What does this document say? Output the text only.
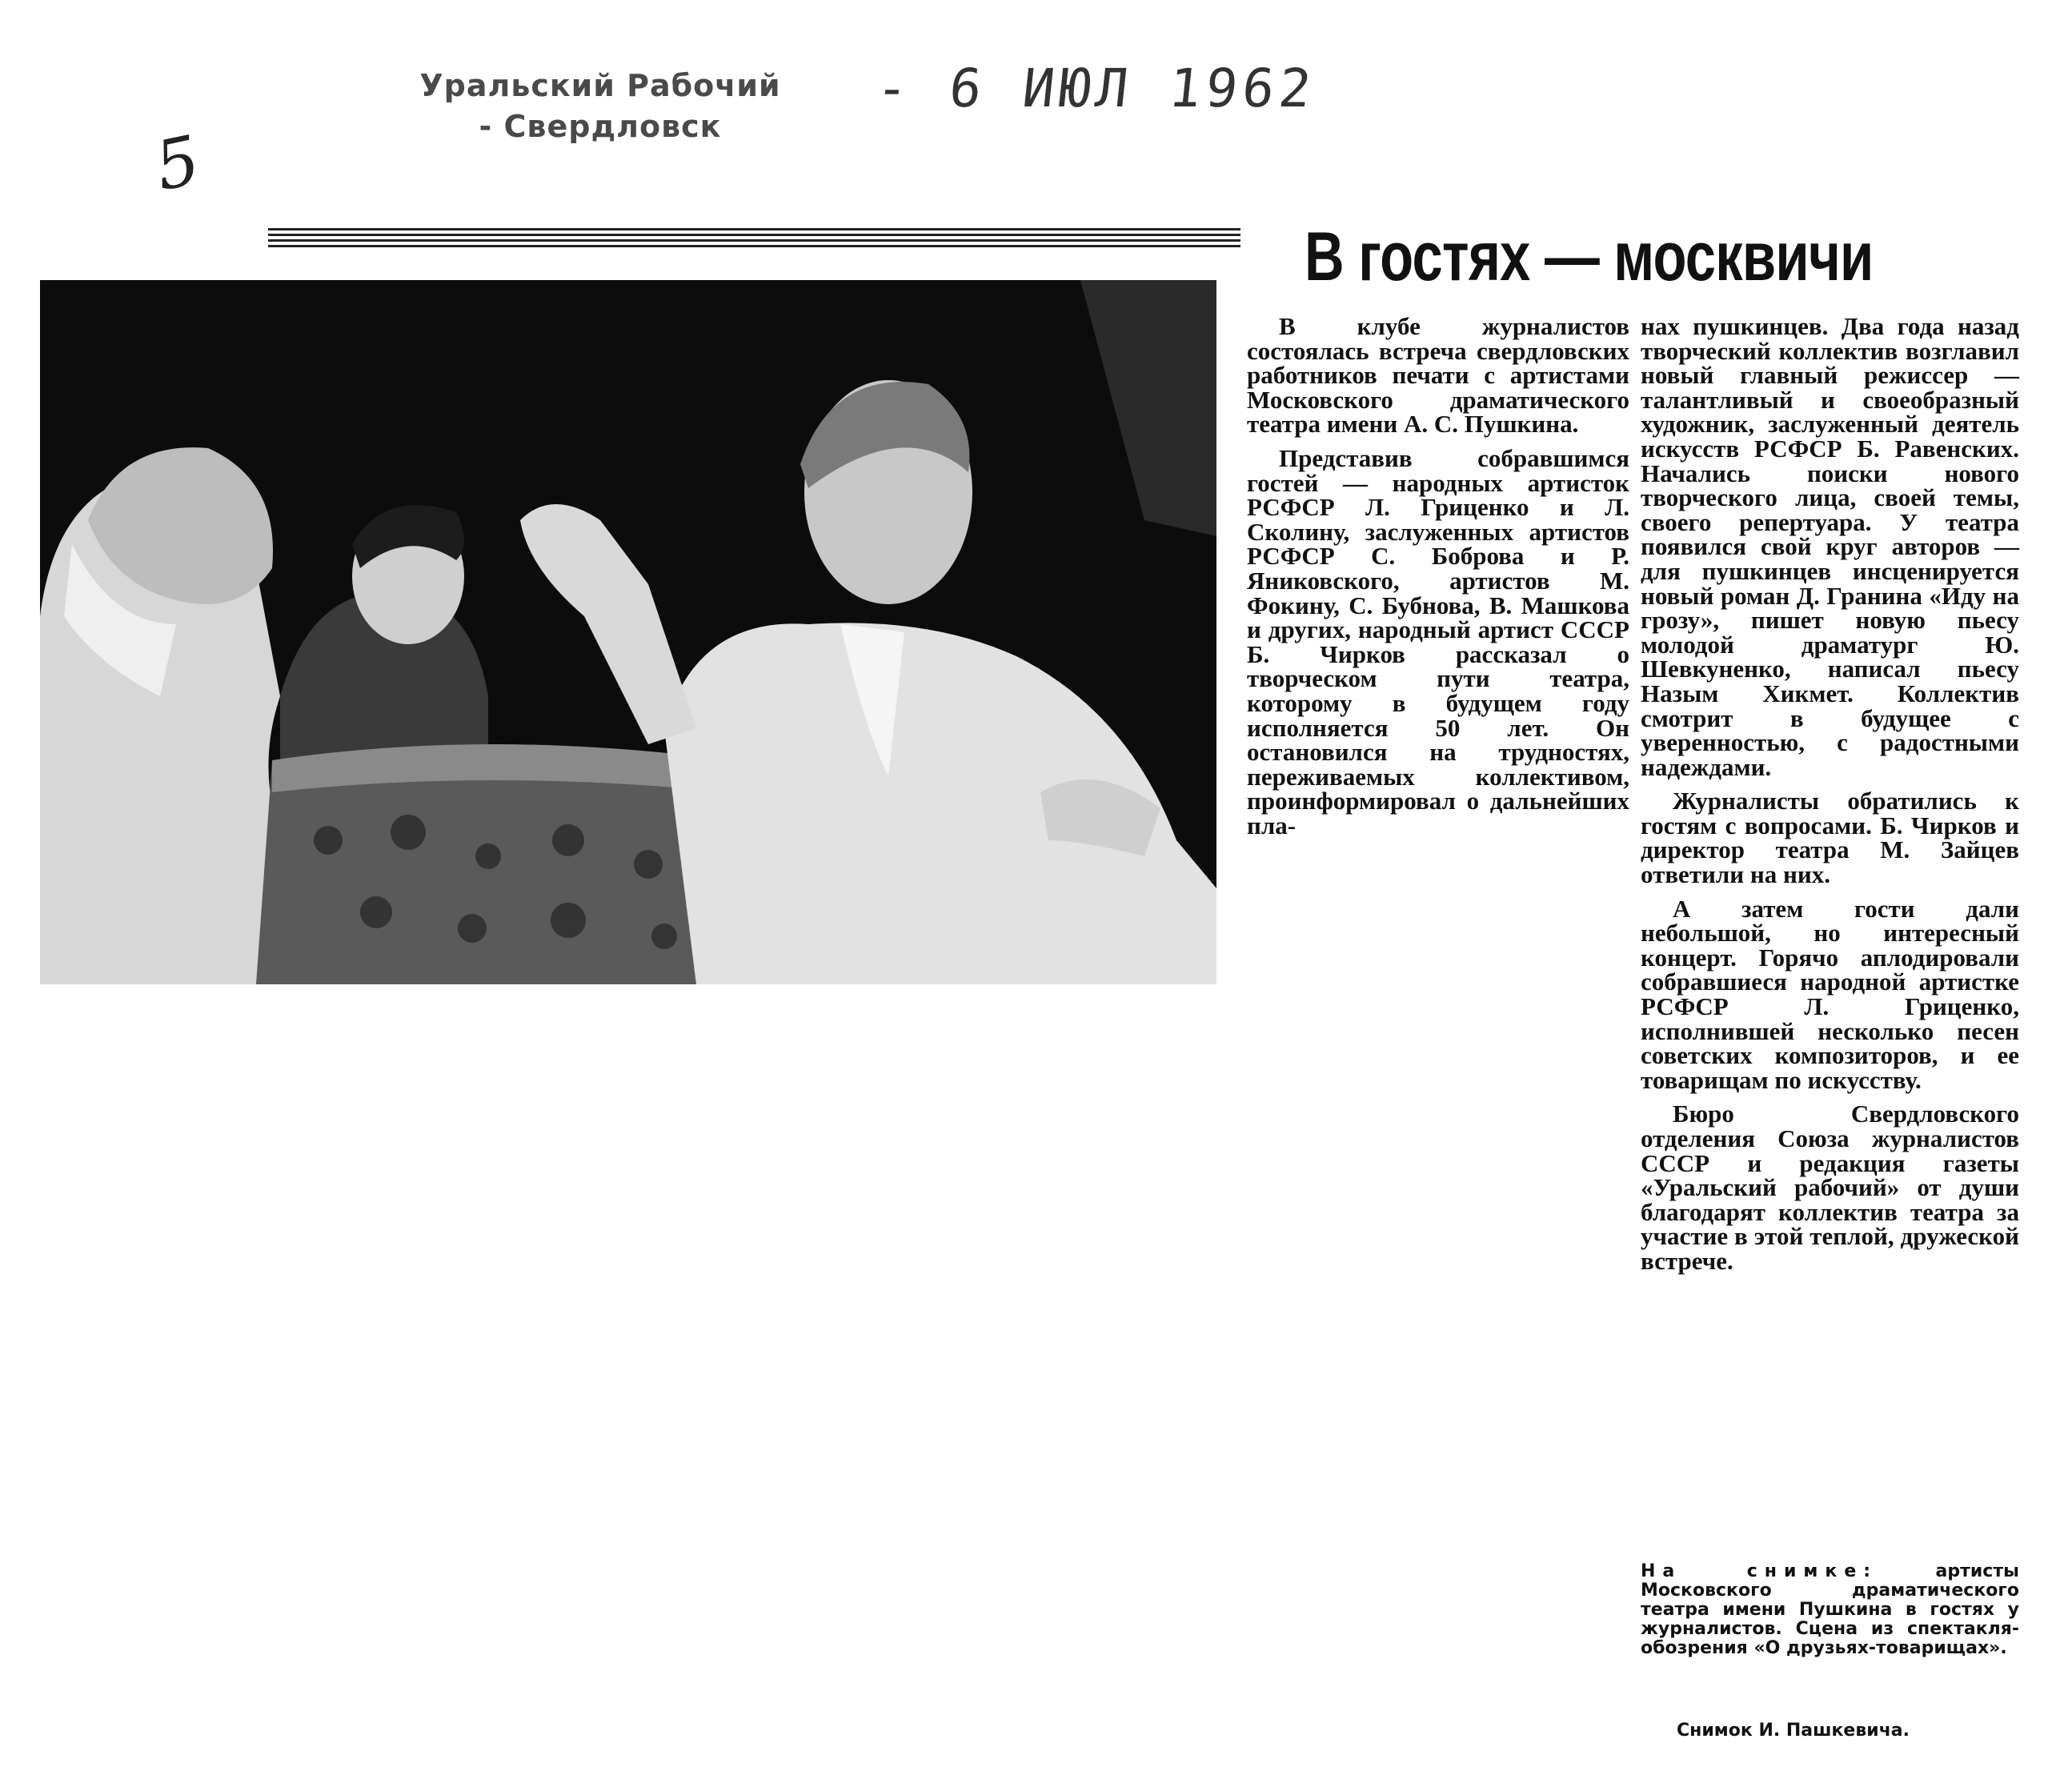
Уральский Рабочий
- Свердловск
- 6 ИЮЛ 1962
5
В гостях — москвичи

В клубе журналистов состоялась встреча свердловских работников печати с артистами Московского драматического театра имени А. С. Пушкина.

Представив собравшимся гостей — народных артисток РСФСР Л. Гриценко и Л. Сколину, заслуженных артистов РСФСР С. Боброва и Р. Яниковского, артистов М. Фокину, С. Бубнова, В. Машкова и других, народный артист СССР Б. Чирков рассказал о творческом пути театра, которому в будущем году исполняется 50 лет. Он остановился на трудностях, переживаемых коллективом, проинформировал о дальнейших пла-

нах пушкинцев. Два года назад творческий коллектив возглавил новый главный режиссер — талантливый и своеобразный художник, заслуженный деятель искусств РСФСР Б. Равенских. Начались поиски нового творческого лица, своей темы, своего репертуара. У театра появился свой круг авторов — для пушкинцев инсценируется новый роман Д. Гранина «Иду на грозу», пишет новую пьесу молодой драматург Ю. Шевкуненко, написал пьесу Назым Хикмет. Коллектив смотрит в будущее с уверенностью, с радостными надеждами.

Журналисты обратились к гостям с вопросами. Б. Чирков и директор театра М. Зайцев ответили на них.

А затем гости дали небольшой, но интересный концерт. Горячо аплодировали собравшиеся народной артистке РСФСР Л. Гриценко, исполнившей несколько песен советских композиторов, и ее товарищам по искусству.

Бюро Свердловского отделения Союза журналистов СССР и редакция газеты «Уральский рабочий» от души благодарят коллектив театра за участие в этой теплой, дружеской встрече.

На снимке:	артисты Московского драматического театра имени Пушкина в гостях у журналистов. Сцена из спектакля-обозрения «О друзьях-товарищах».
Снимок И. Пашкевича.
